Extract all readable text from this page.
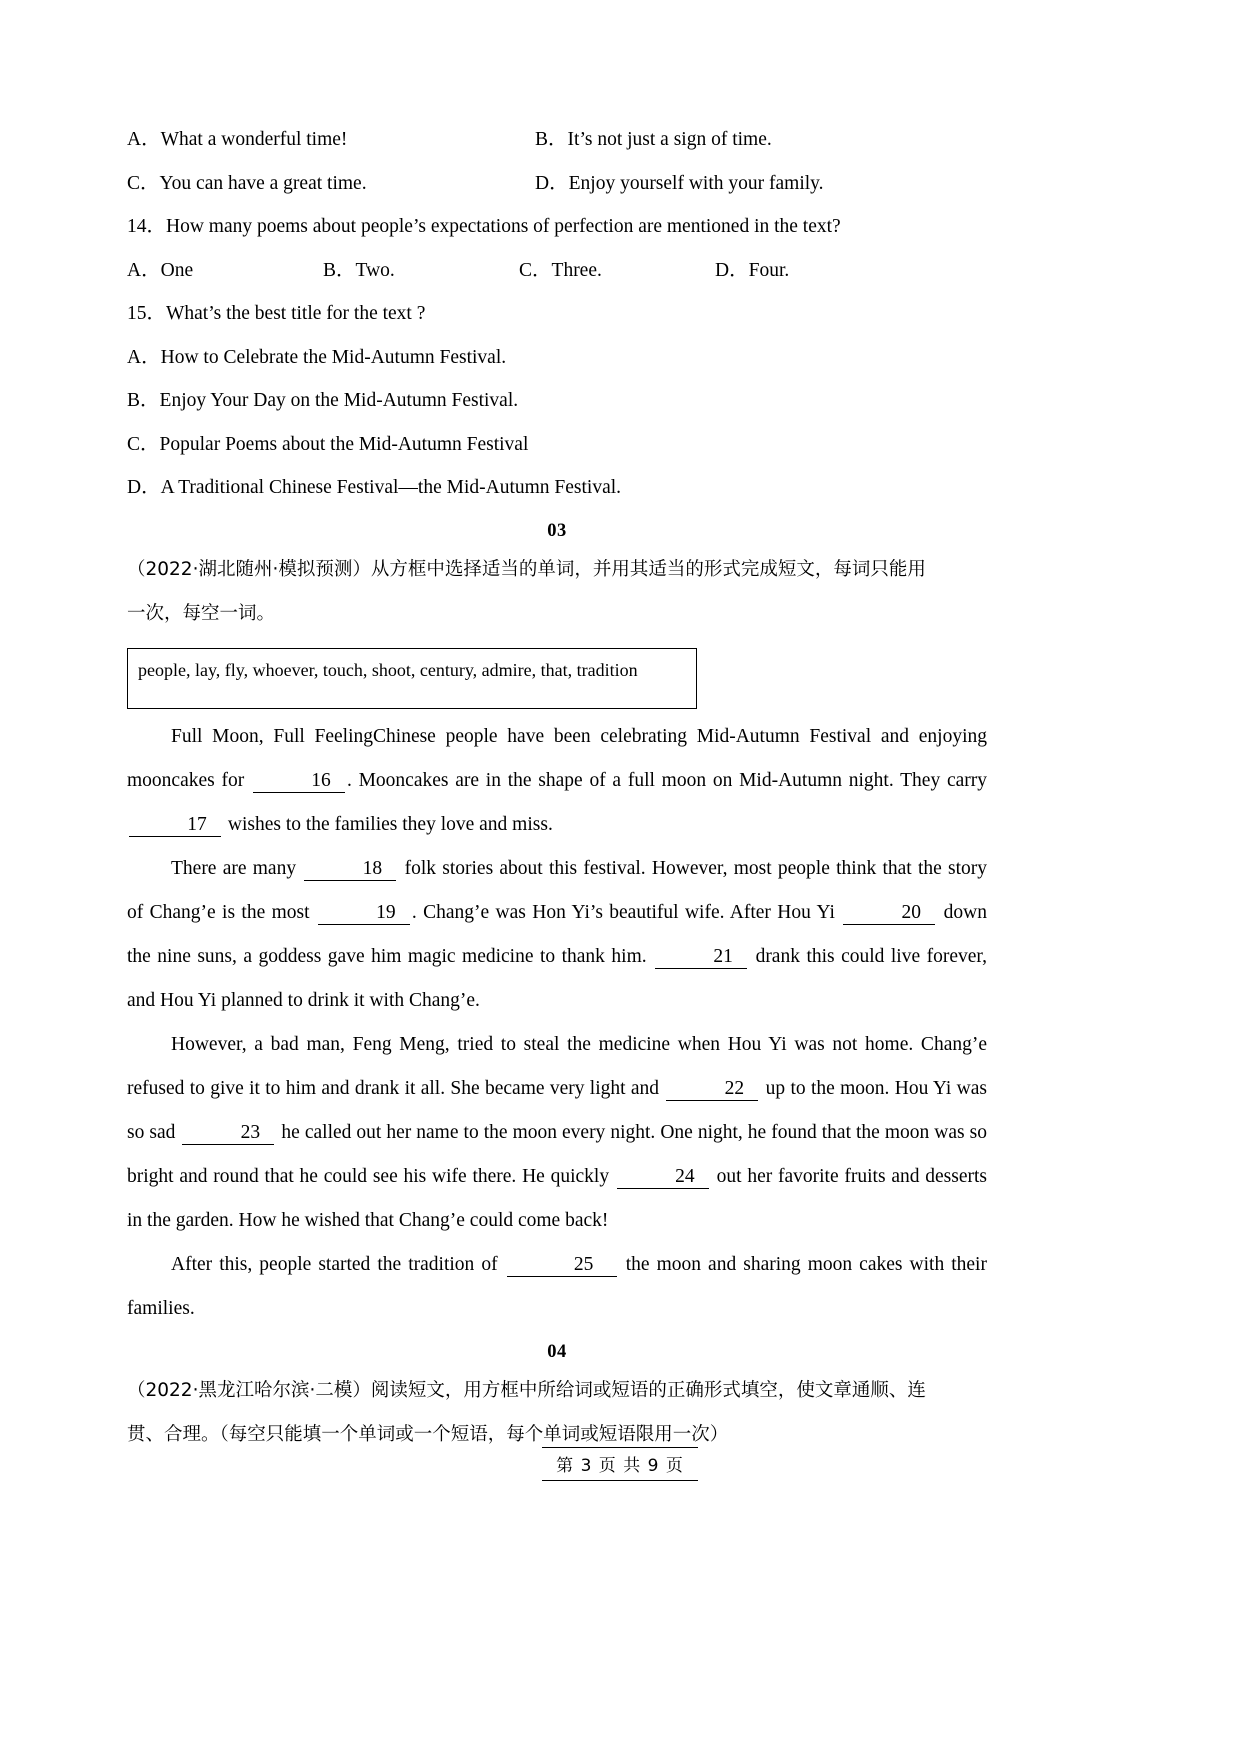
A．What a wonderful time!	B．It’s not just a sign of time.
C．You can have a great time.	D．Enjoy yourself with your family.
14．How many poems about people’s expectations of perfection are mentioned in the text?
A．One	B．Two.	C．Three.	D．Four.
15．What’s the best title for the text ?
A．How to Celebrate the Mid-Autumn Festival.
B．Enjoy Your Day on the Mid-Autumn Festival.
C．Popular Poems about the Mid-Autumn Festival
D．A Traditional Chinese Festival—the Mid-Autumn Festival.
03
（2022·湖北随州·模拟预测）从方框中选择适当的单词，并用其适当的形式完成短文，每词只能用
一次，每空一词。
people, lay, fly, whoever, touch, shoot, century, admire, that, tradition

Full Moon, Full FeelingChinese people have been celebrating Mid-Autumn Festival and enjoying mooncakes for	16 . Mooncakes are in the shape of a full moon on Mid-Autumn night. They carry 17 wishes to the families they love and miss.

There are many	18 folk stories about this festival. However, most people think that the story of Chang’e is the most	19 . Chang’e was Hon Yi’s beautiful wife. After Hou Yi	20 down the nine suns, a goddess gave him magic medicine to thank him.	21 drank this could live forever, and Hou Yi planned to drink it with Chang’e.

However, a bad man, Feng Meng, tried to steal the medicine when Hou Yi was not home. Chang’e refused to give it to him and drank it all. She became very light and	22 up to the moon. Hou Yi was so sad	23 he called out her name to the moon every night. One night, he found that the moon was so bright and round that he could see his wife there. He quickly	24 out her favorite fruits and desserts in the garden. How he wished that Chang’e could come back!

After this, people started the tradition of	25 the moon and sharing moon cakes with their families.

04
（2022·黑龙江哈尔滨·二模）阅读短文，用方框中所给词或短语的正确形式填空，使文章通顺、连
贯、合理。（每空只能填一个单词或一个短语，每个单词或短语限用一次）
第 3 页 共 9 页
